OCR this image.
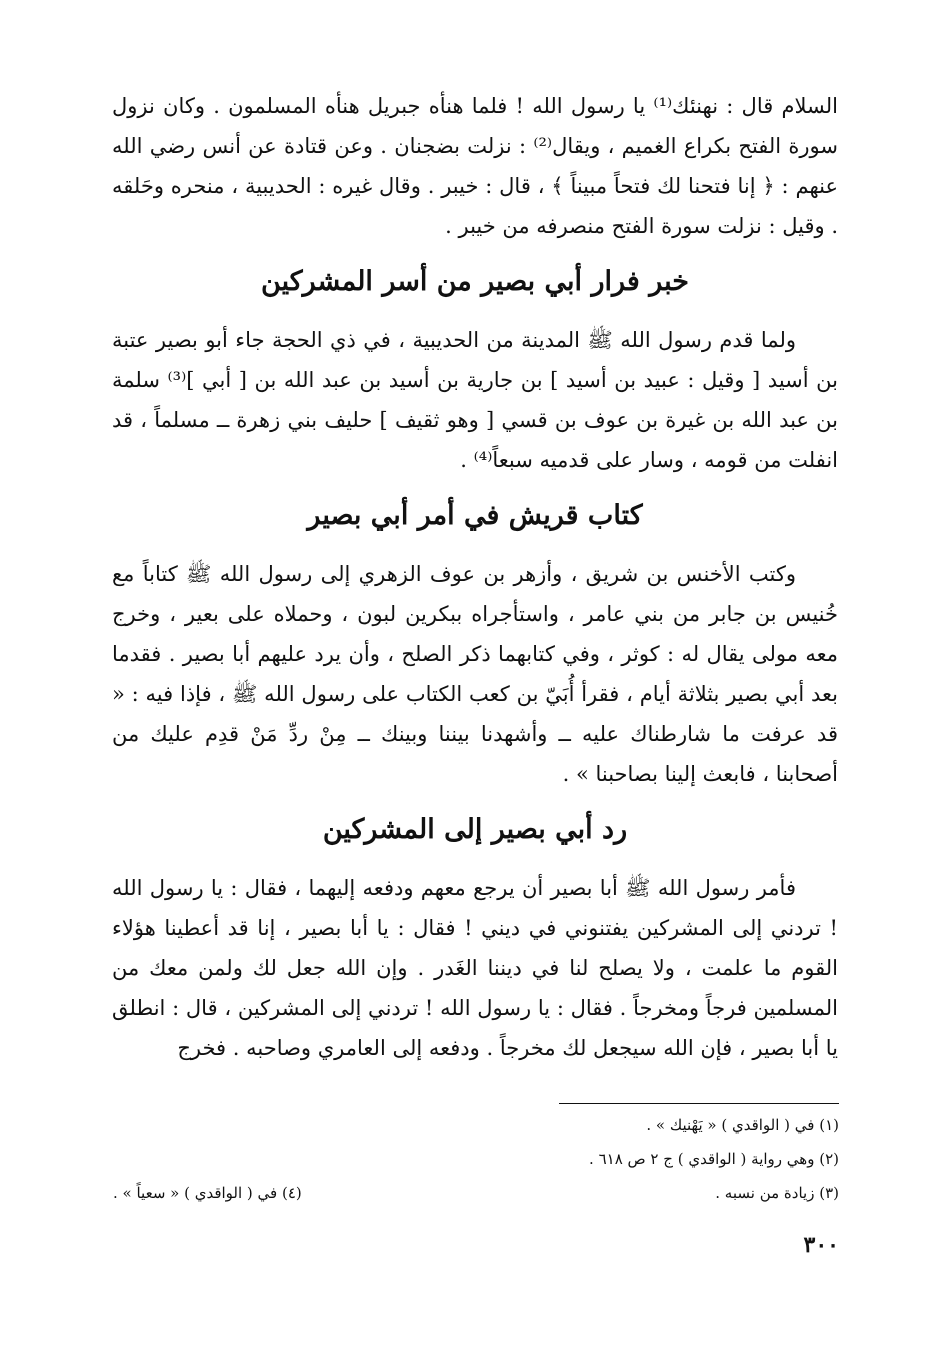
السلام قال : نهنئك⁽¹⁾ يا رسول الله ! فلما هنأه جبريل هنأه المسلمون . وكان نزول سورة الفتح بكراع الغميم ، ويقال⁽²⁾ : نزلت بضجنان . وعن قتادة عن أنس رضي الله عنهم : ﴿ إنا فتحنا لك فتحاً مبيناً ﴾ ، قال : خيبر . وقال غيره : الحديبية ، منحره وحَلقه . وقيل : نزلت سورة الفتح منصرفه من خيبر .

خبر فرار أبي بصير من أسر المشركين

ولما قدم رسول الله ﷺ المدينة من الحديبية ، في ذي الحجة جاء أبو بصير عتبة بن أسيد [ وقيل : عبيد بن أسيد ] بن جارية بن أسيد بن عبد الله بن [ أبي ]⁽³⁾ سلمة بن عبد الله بن غيرة بن عوف بن قسي [ وهو ثقيف ] حليف بني زهرة ــ مسلماً ، قد انفلت من قومه ، وسار على قدميه سبعاً⁽⁴⁾ .

كتاب قريش في أمر أبي بصير

وكتب الأخنس بن شريق ، وأزهر بن عوف الزهري إلى رسول الله ﷺ كتاباً مع خُنيس بن جابر من بني عامر ، واستأجراه ببكرين لبون ، وحملاه على بعير ، وخرج معه مولى يقال له : كوثر ، وفي كتابهما ذكر الصلح ، وأن يرد عليهم أبا بصير . فقدما بعد أبي بصير بثلاثة أيام ، فقرأ أُبَيّ بن كعب الكتاب على رسول الله ﷺ ، فإذا فيه : « قد عرفت ما شارطناك عليه ــ وأشهدنا بيننا وبينك ــ مِنْ ردِّ مَنْ قدِم عليك من أصحابنا ، فابعث إلينا بصاحبنا » .

رد أبي بصير إلى المشركين

فأمر رسول الله ﷺ أبا بصير أن يرجع معهم ودفعه إليهما ، فقال : يا رسول الله ! تردني إلى المشركين يفتنوني في ديني ! فقال : يا أبا بصير ، إنا قد أعطينا هؤلاء القوم ما علمت ، ولا يصلح لنا في ديننا الغَدر . وإن الله جعل لك ولمن معك من المسلمين فرجاً ومخرجاً . فقال : يا رسول الله ! تردني إلى المشركين ، قال : انطلق يا أبا بصير ، فإن الله سيجعل لك مخرجاً . ودفعه إلى العامري وصاحبه . فخرج

(١) في ( الواقدي ) « يَهْنيك » .
(٢) وهي رواية ( الواقدي ) ج ٢ ص ٦١٨ .
(٣) زيادة من نسبه .
(٤) في ( الواقدي ) « سعياً » .
٣٠٠
